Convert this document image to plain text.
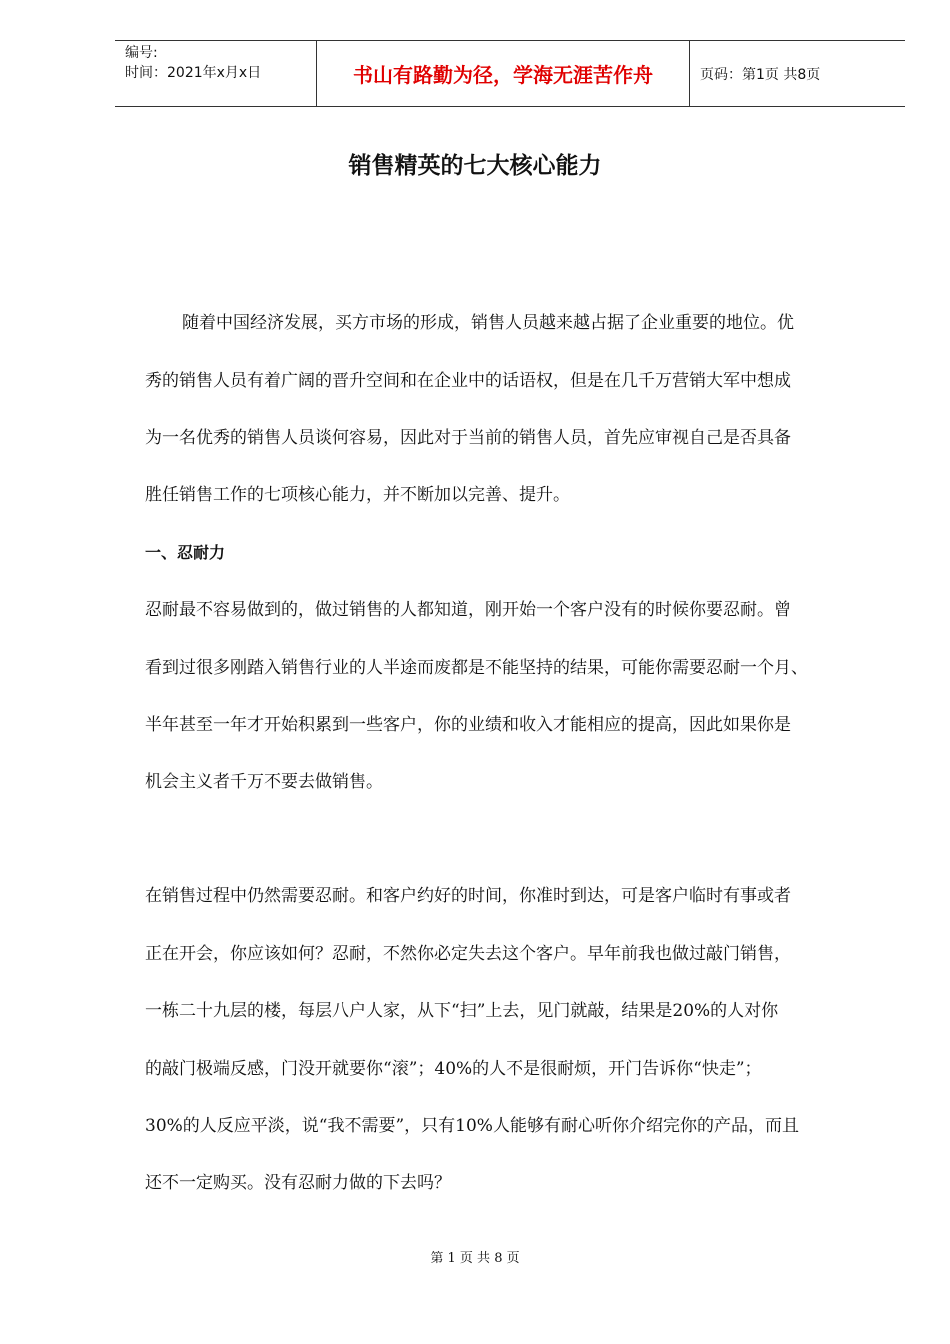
编号:
时间：2021年x月x日	书山有路勤为径，学海无涯苦作舟	页码：第1页 共8页
销售精英的七大核心能力
随着中国经济发展，买方市场的形成，销售人员越来越占据了企业重要的地位。优
秀的销售人员有着广阔的晋升空间和在企业中的话语权，但是在几千万营销大军中想成
为一名优秀的销售人员谈何容易，因此对于当前的销售人员，首先应审视自己是否具备
胜任销售工作的七项核心能力，并不断加以完善、提升。
一、忍耐力
忍耐最不容易做到的，做过销售的人都知道，刚开始一个客户没有的时候你要忍耐。曾
看到过很多刚踏入销售行业的人半途而废都是不能坚持的结果，可能你需要忍耐一个月、
半年甚至一年才开始积累到一些客户，你的业绩和收入才能相应的提高，因此如果你是
机会主义者千万不要去做销售。
在销售过程中仍然需要忍耐。和客户约好的时间，你准时到达，可是客户临时有事或者
正在开会，你应该如何？忍耐，不然你必定失去这个客户。早年前我也做过敲门销售，
一栋二十九层的楼，每层八户人家，从下“扫”上去，见门就敲，结果是20%的人对你
的敲门极端反感，门没开就要你“滚”；40%的人不是很耐烦，开门告诉你“快走”；
30%的人反应平淡，说“我不需要”，只有10%人能够有耐心听你介绍完你的产品，而且
还不一定购买。没有忍耐力做的下去吗？
第 1 页 共 8 页
